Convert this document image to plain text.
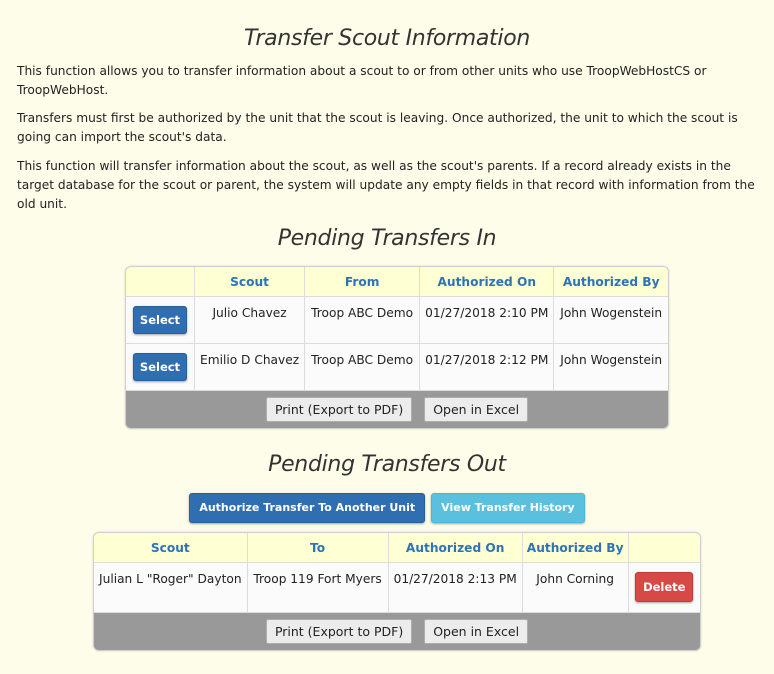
Transfer Scout Information

This function allows you to transfer information about a scout to or from other units who use TroopWebHostCS or TroopWebHost.

Transfers must first be authorized by the unit that the scout is leaving. Once authorized, the unit to which the scout is going can import the scout's data.

This function will transfer information about the scout, as well as the scout's parents. If a record already exists in the target database for the scout or parent, the system will update any empty fields in that record with information from the old unit.

Pending Transfers In
	Scout	From	Authorized On	Authorized By
Select	Julio Chavez	Troop ABC Demo	01/27/2018 2:10 PM	John Wogenstein
Select	Emilio D Chavez	Troop ABC Demo	01/27/2018 2:12 PM	John Wogenstein
Print (Export to PDF)	Open in Excel
Pending Transfers Out
Authorize Transfer To Another Unit	View Transfer History
Scout	To	Authorized On	Authorized By	
Julian L "Roger" Dayton	Troop 119 Fort Myers	01/27/2018 2:13 PM	John Corning	Delete
Print (Export to PDF)	Open in Excel
